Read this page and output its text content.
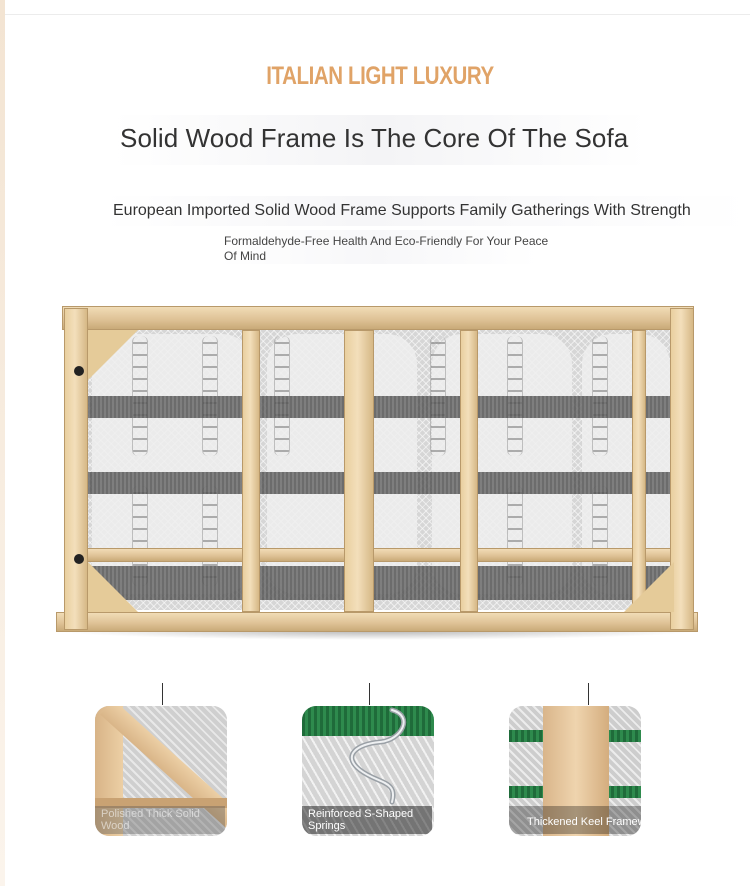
ITALIAN LIGHT LUXURY
Solid Wood Frame Is The Core Of The Sofa
European Imported Solid Wood Frame Supports Family Gatherings With Strength
Formaldehyde-Free Health And Eco-Friendly For Your Peace Of Mind
Polished Thick Solid Wood
Reinforced S-Shaped Springs	Thickened Keel Framework
